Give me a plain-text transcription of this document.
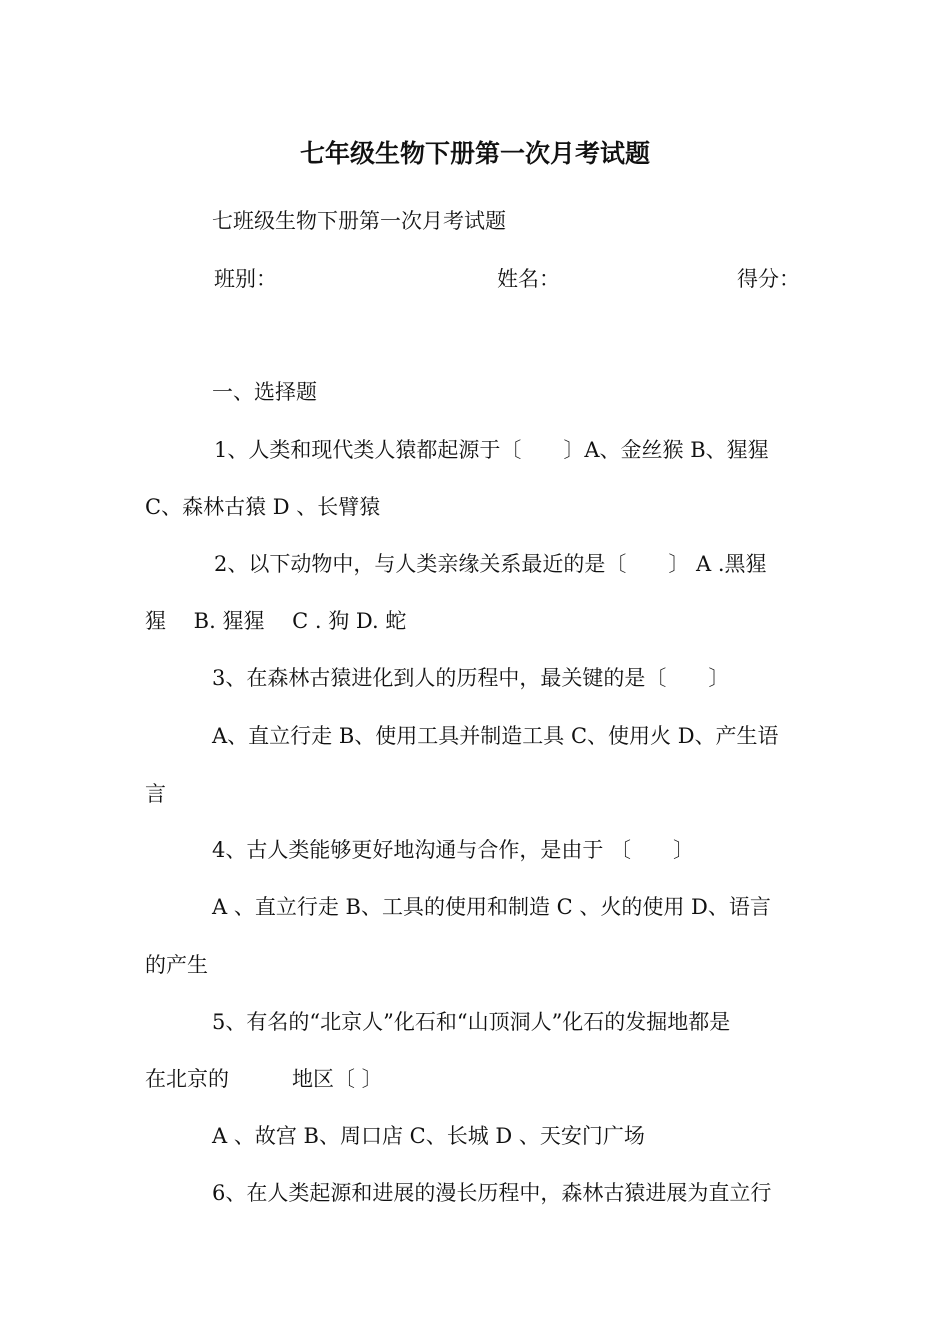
七年级生物下册第一次月考试题
七班级生物下册第一次月考试题
班别：	姓名：	得分：
一、选择题
1、人类和现代类人猿都起源于〔　　〕A、金丝猴 B、猩猩
C、森林古猿 D 、长臂猿
2、以下动物中，与人类亲缘关系最近的是〔　　〕 A .黑猩
猩　 B. 猩猩　 C . 狗 D. 蛇
3、在森林古猿进化到人的历程中，最关键的是〔　　〕
A、直立行走 B、使用工具并制造工具 C、使用火 D、产生语
言
4、古人类能够更好地沟通与合作，是由于 〔　　〕
A 、直立行走 B、工具的使用和制造 C 、火的使用 D、语言
的产生
5、有名的“北京人”化石和“山顶洞人”化石的发掘地都是
在北京的　　　地区〔 〕
A 、故宫 B、周口店 C、长城 D 、天安门广场
6、在人类起源和进展的漫长历程中，森林古猿进展为直立行
